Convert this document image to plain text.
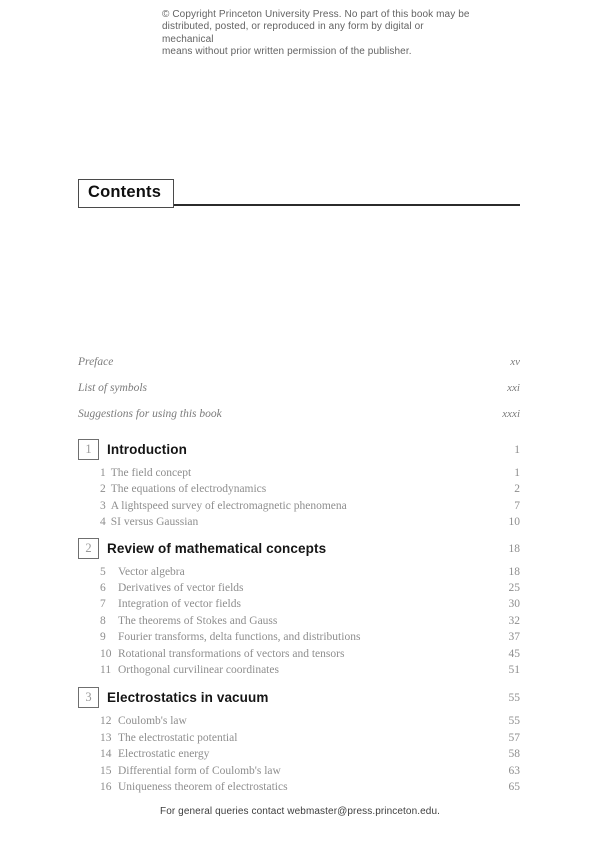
© Copyright Princeton University Press. No part of this book may be
distributed, posted, or reproduced in any form by digital or mechanical
means without prior written permission of the publisher.
Contents
Preface	xv
List of symbols	xxi
Suggestions for using this book	xxxi
1 Introduction	1
1 The field concept	1
2 The equations of electrodynamics	2
3 A lightspeed survey of electromagnetic phenomena	7
4 SI versus Gaussian	10
2 Review of mathematical concepts	18
5	Vector algebra	18
6	Derivatives of vector fields	25
7	Integration of vector fields	30
8	The theorems of Stokes and Gauss	32
9	Fourier transforms, delta functions, and distributions	37
10 Rotational transformations of vectors and tensors	45
11 Orthogonal curvilinear coordinates	51
3 Electrostatics in vacuum	55
12 Coulomb's law	55
13 The electrostatic potential	57
14 Electrostatic energy	58
15 Differential form of Coulomb's law	63
16 Uniqueness theorem of electrostatics	65
For general queries contact webmaster@press.princeton.edu.
